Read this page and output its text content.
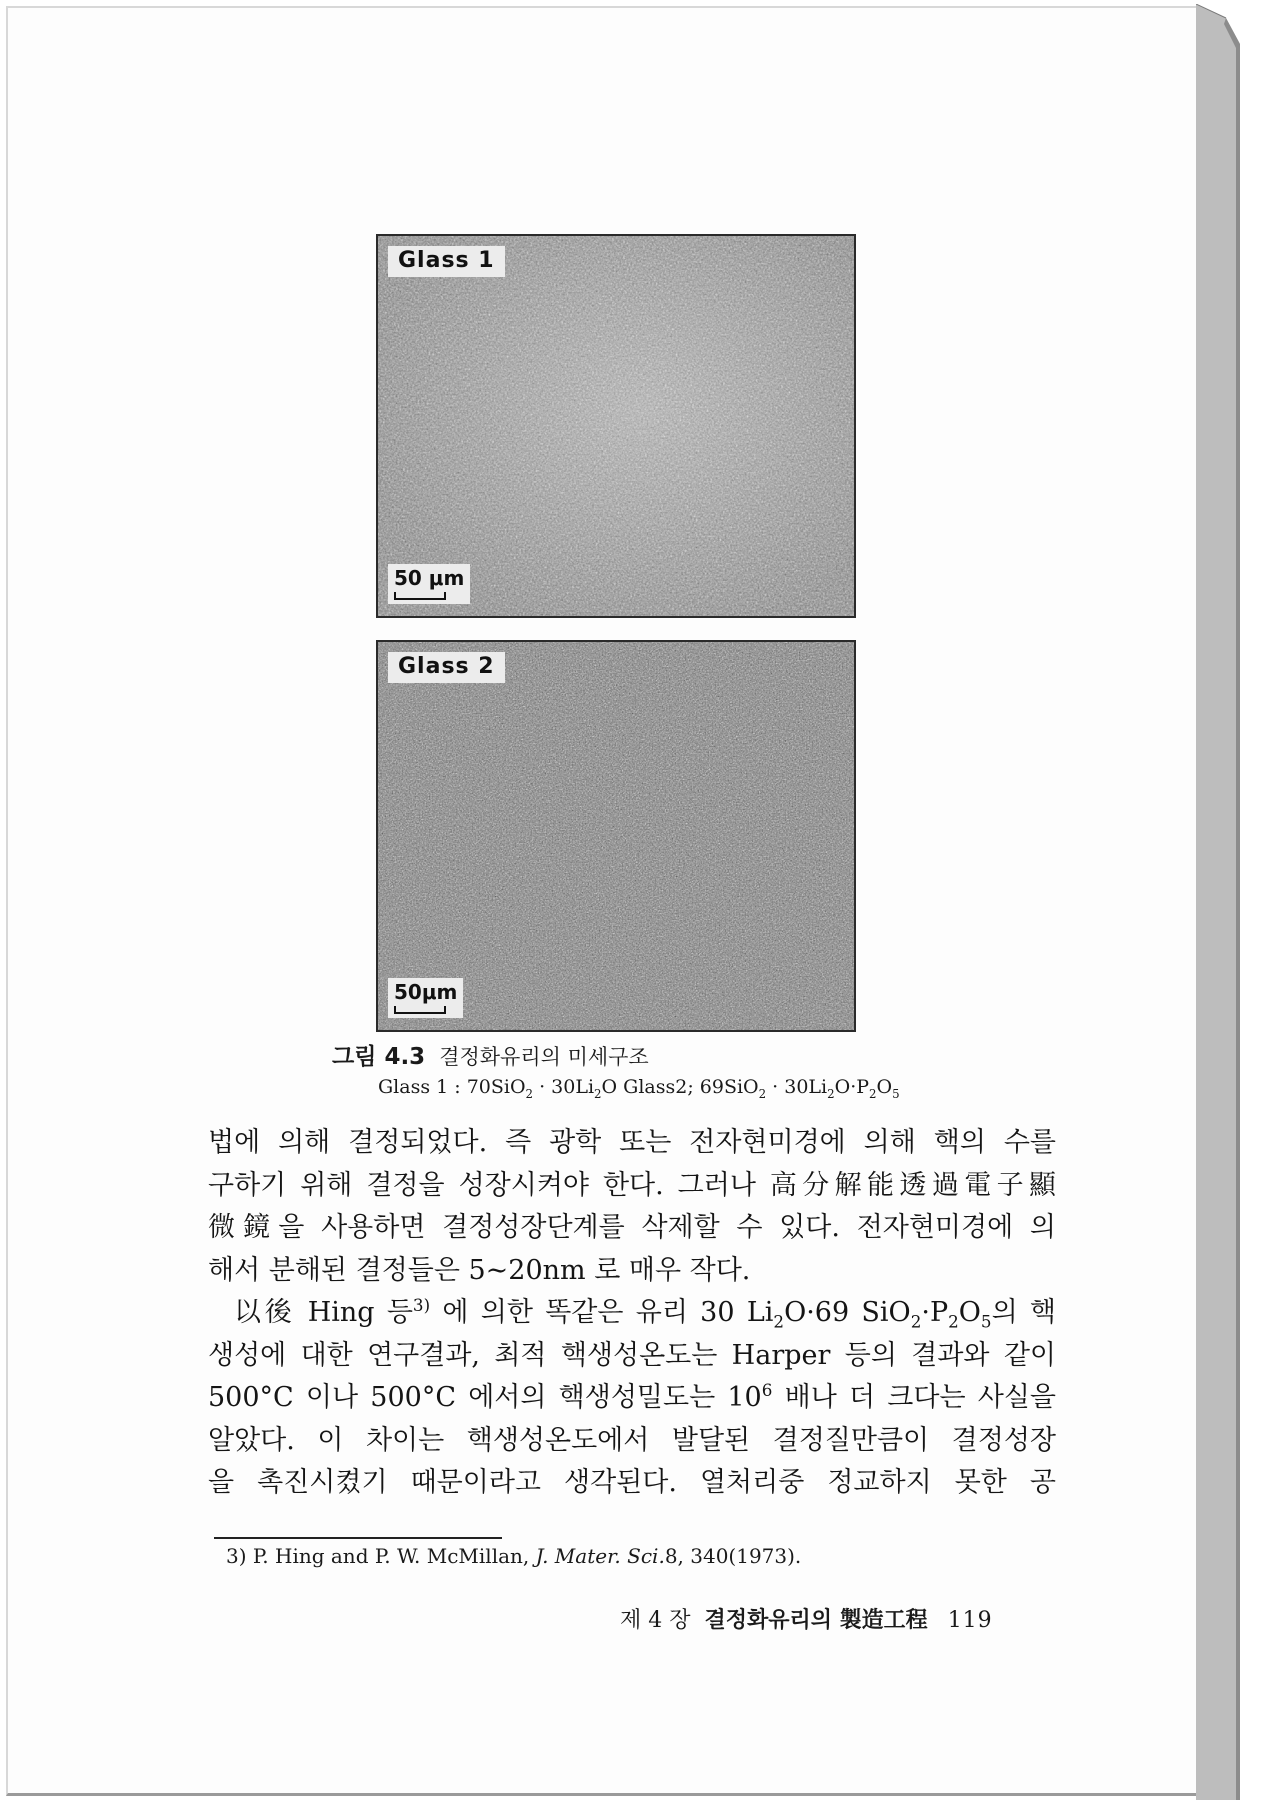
Glass 1
50 μm
Glass 2
50μm
그림 4.3 결정화유리의 미세구조
Glass 1 : $70SiO_2 \cdot 30Li_2O$ Glass2; $69SiO_2 \cdot 30Li_2O\cdot P_2O_5$
법에 의해 결정되었다. 즉 광학 또는 전자현미경에 의해 핵의 수를
구하기 위해 결정을 성장시켜야 한다. 그러나 高分解能透過電子顯
微鏡을 사용하면 결정성장단계를 삭제할 수 있다. 전자현미경에 의
해서 분해된 결정들은 5∼20nm 로 매우 작다.
以後 Hing 등$^{3)}$ 에 의한 똑같은 유리 30 $Li_2O\cdot 69$ $SiO_2\cdot P_2O_5$의 핵
생성에 대한 연구결과, 최적 핵생성온도는 Harper 등의 결과와 같이
500°C 이나 500°C 에서의 핵생성밀도는 $10^6$ 배나 더 크다는 사실을
알았다. 이 차이는 핵생성온도에서 발달된 결정질만큼이 결정성장
을 촉진시켰기 때문이라고 생각된다. 열처리중 정교하지 못한 공
3) P. Hing and P. W. McMillan, J. Mater. Sci.8, 340(1973).
제 4 장 결정화유리의 製造工程 119
